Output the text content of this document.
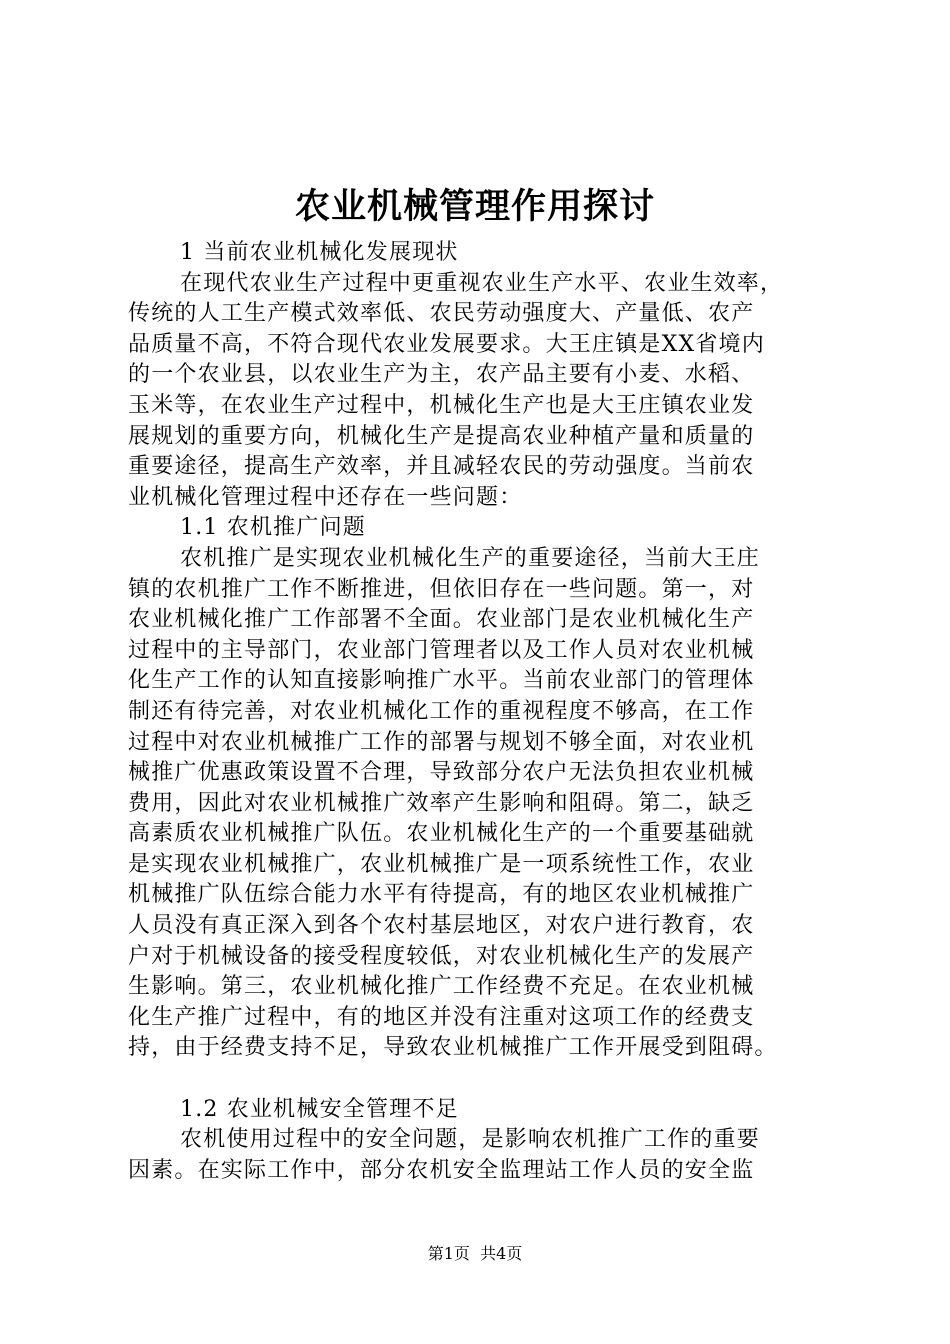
农业机械管理作用探讨
1 当前农业机械化发展现状
在现代农业生产过程中更重视农业生产水平、农业生效率，
传统的人工生产模式效率低、农民劳动强度大、产量低、农产
品质量不高，不符合现代农业发展要求。大王庄镇是XX省境内
的一个农业县，以农业生产为主，农产品主要有小麦、水稻、
玉米等，在农业生产过程中，机械化生产也是大王庄镇农业发
展规划的重要方向，机械化生产是提高农业种植产量和质量的
重要途径，提高生产效率，并且减轻农民的劳动强度。当前农
业机械化管理过程中还存在一些问题：
1.1 农机推广问题
农机推广是实现农业机械化生产的重要途径，当前大王庄
镇的农机推广工作不断推进，但依旧存在一些问题。第一，对
农业机械化推广工作部署不全面。农业部门是农业机械化生产
过程中的主导部门，农业部门管理者以及工作人员对农业机械
化生产工作的认知直接影响推广水平。当前农业部门的管理体
制还有待完善，对农业机械化工作的重视程度不够高，在工作
过程中对农业机械推广工作的部署与规划不够全面，对农业机
械推广优惠政策设置不合理，导致部分农户无法负担农业机械
费用，因此对农业机械推广效率产生影响和阻碍。第二，缺乏
高素质农业机械推广队伍。农业机械化生产的一个重要基础就
是实现农业机械推广，农业机械推广是一项系统性工作，农业
机械推广队伍综合能力水平有待提高，有的地区农业机械推广
人员没有真正深入到各个农村基层地区，对农户进行教育，农
户对于机械设备的接受程度较低，对农业机械化生产的发展产
生影响。第三，农业机械化推广工作经费不充足。在农业机械
化生产推广过程中，有的地区并没有注重对这项工作的经费支
持，由于经费支持不足，导致农业机械推广工作开展受到阻碍。
1.2 农业机械安全管理不足
农机使用过程中的安全问题，是影响农机推广工作的重要
因素。在实际工作中，部分农机安全监理站工作人员的安全监
第1页  共4页
